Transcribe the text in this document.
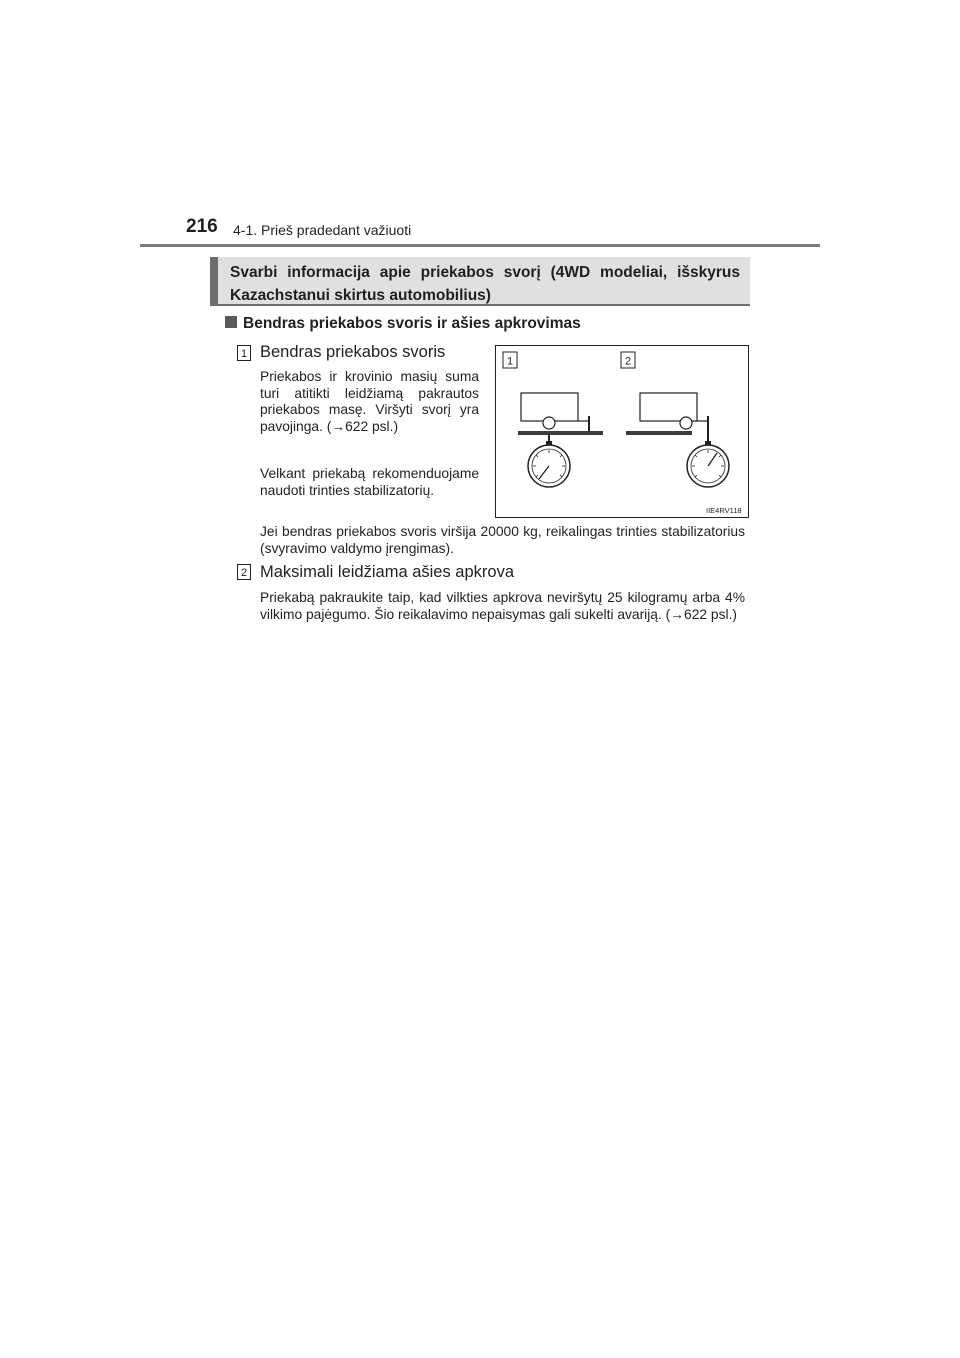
216 4-1. Prieš pradedant važiuoti
Svarbi informacija apie priekabos svorį (4WD modeliai, išskyrus Kazachstanui skirtus automobilius)
Bendras priekabos svoris ir ašies apkrovimas
1 Bendras priekabos svoris
Priekabos ir krovinio masių suma turi atitikti leidžiamą pakrautos priekabos masę. Viršyti svorį yra pavojinga. (→622 psl.)
Velkant priekabą rekomenduojame naudoti trinties stabilizatorių.
Jei bendras priekabos svoris viršija 20000 kg, reikalingas trinties stabilizatorius (svyravimo valdymo įrengimas).
2 Maksimali leidžiama ašies apkrova
Priekabą pakraukite taip, kad vilkties apkrova neviršytų 25 kilogramų arba 4% vilkimo pajėgumo. Šio reikalavimo nepaisymas gali sukelti avariją. (→622 psl.)
1	2
IIE4RV118
